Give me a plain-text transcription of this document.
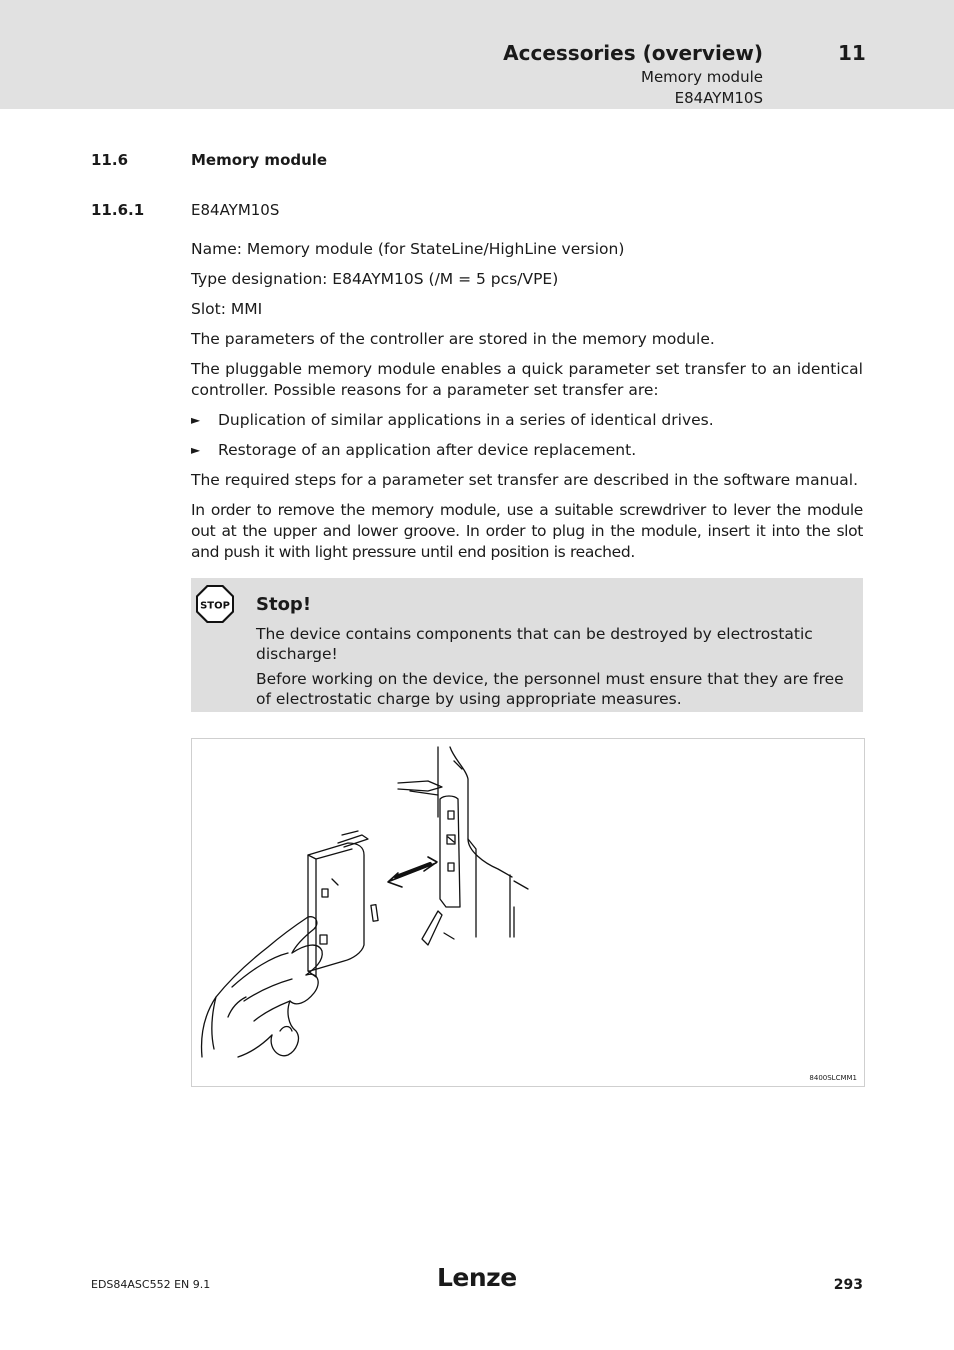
Accessories (overview)	11
Memory module
E84AYM10S
11.6	Memory module
11.6.1	E84AYM10S

Name: Memory module (for StateLine/HighLine version)

Type designation: E84AYM10S (/M = 5 pcs/VPE)

Slot: MMI

The parameters of the controller are stored in the memory module.

The pluggable memory module enables a quick parameter set transfer to an identical controller. Possible reasons for a parameter set transfer are:

► Duplication of similar applications in a series of identical drives.
► Restorage of an application after device replacement.

The required steps for a parameter set transfer are described in the software manual.

In order to remove the memory module, use a suitable screwdriver to lever the module out at the upper and lower groove. In order to plug in the module, insert it into the slot and push it with light pressure until end position is reached.

STOP Stop!

The device contains components that can be destroyed by electrostatic discharge!

Before working on the device, the personnel must ensure that they are free of electrostatic charge by using appropriate measures.

8400SLCMM1
EDS84ASC552 EN 9.1	Lenze	293
